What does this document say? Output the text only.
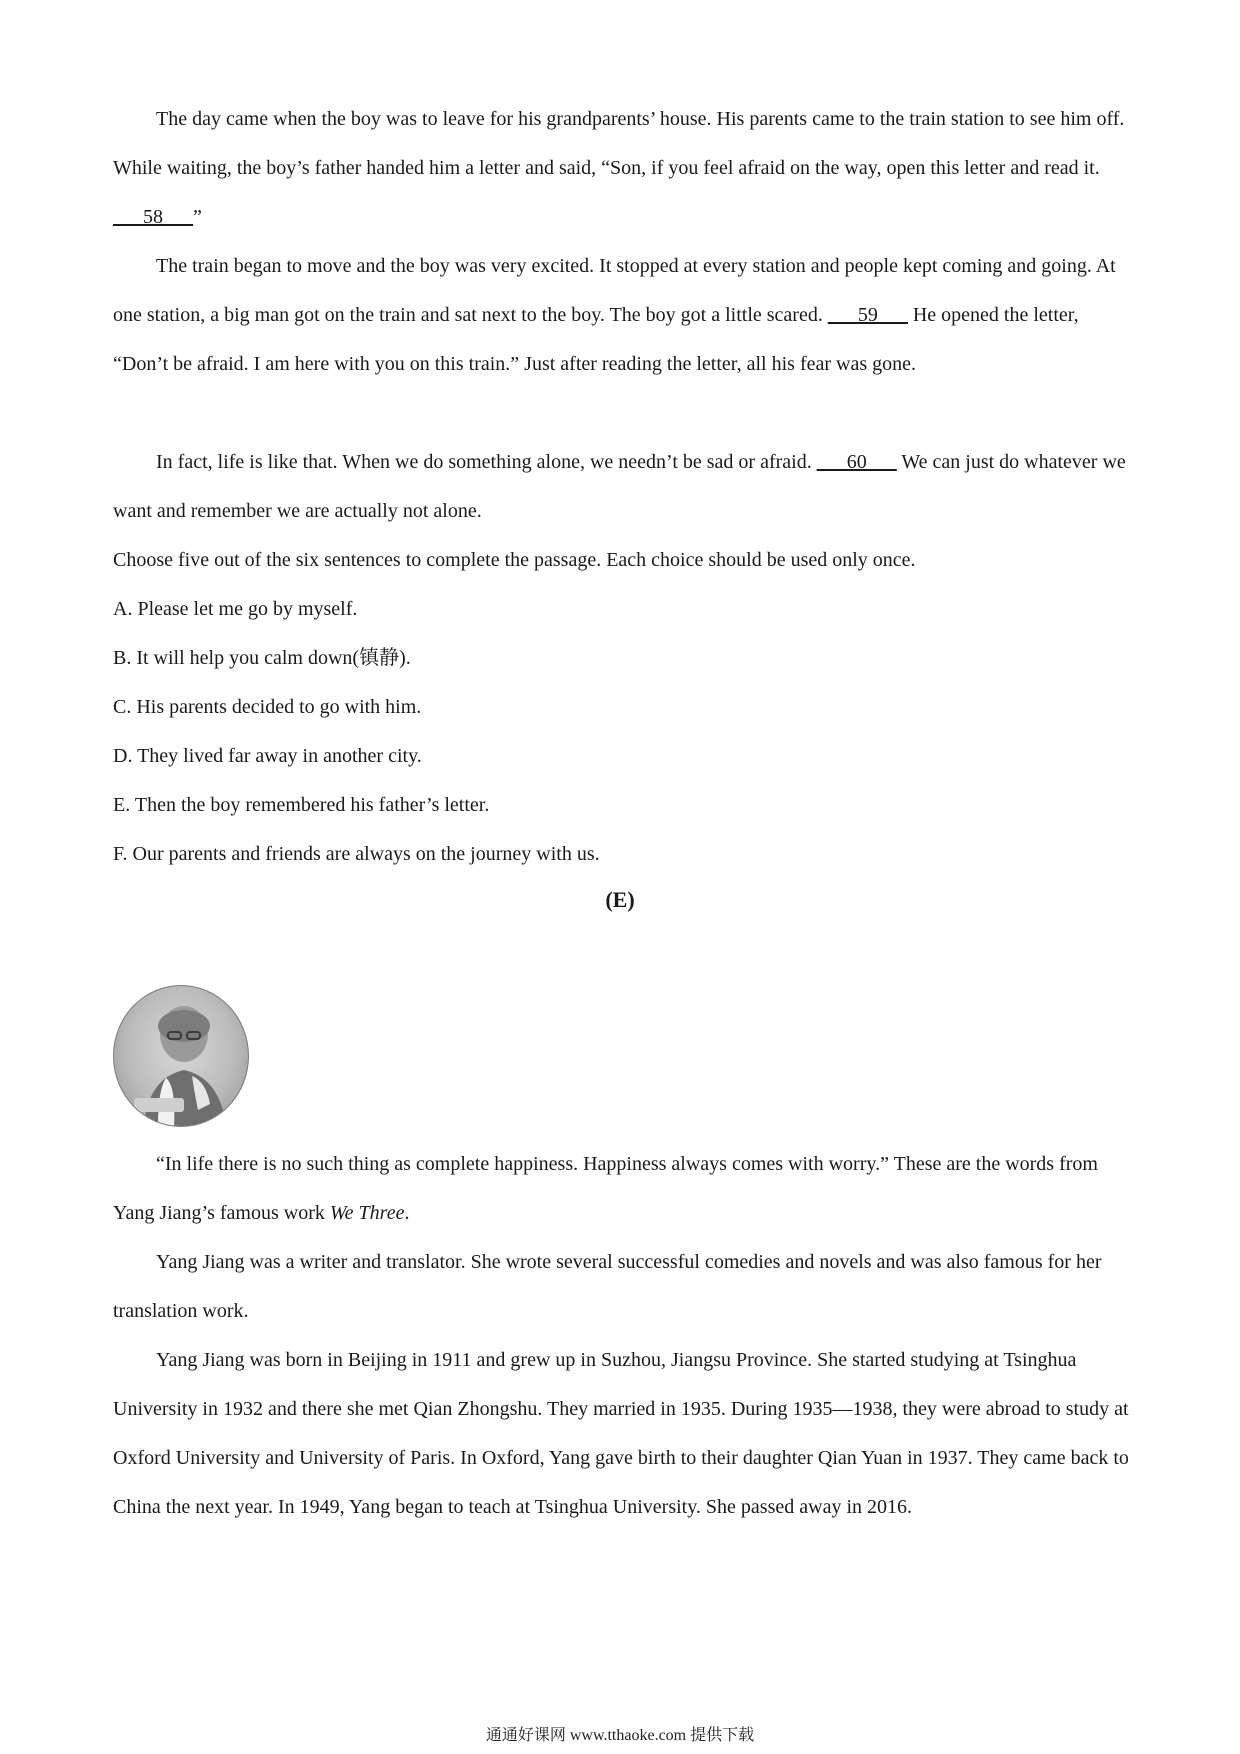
The day came when the boy was to leave for his grandparents’ house. His parents came to the train station to see him off. While waiting, the boy’s father handed him a letter and said, “Son, if you feel afraid on the way, open this letter and read it. ___58___”

The train began to move and the boy was very excited. It stopped at every station and people kept coming and going. At one station, a big man got on the train and sat next to the boy. The boy got a little scared. ___59___ He opened the letter, “Don’t be afraid. I am here with you on this train.” Just after reading the letter, all his fear was gone.

In fact, life is like that. When we do something alone, we needn’t be sad or afraid. ___60___ We can just do whatever we want and remember we are actually not alone.

Choose five out of the six sentences to complete the passage. Each choice should be used only once.

A. Please let me go by myself.

B. It will help you calm down(镇静).

C. His parents decided to go with him.

D. They lived far away in another city.

E. Then the boy remembered his father’s letter.

F. Our parents and friends are always on the journey with us.

(E)

“In life there is no such thing as complete happiness. Happiness always comes with worry.” These are the words from Yang Jiang’s famous work We Three.

Yang Jiang was a writer and translator. She wrote several successful comedies and novels and was also famous for her translation work.

Yang Jiang was born in Beijing in 1911 and grew up in Suzhou, Jiangsu Province. She started studying at Tsinghua University in 1932 and there she met Qian Zhongshu. They married in 1935. During 1935—1938, they were abroad to study at Oxford University and University of Paris. In Oxford, Yang gave birth to their daughter Qian Yuan in 1937. They came back to China the next year. In 1949, Yang began to teach at Tsinghua University. She passed away in 2016.

通通好课网 www.tthaoke.com 提供下载
